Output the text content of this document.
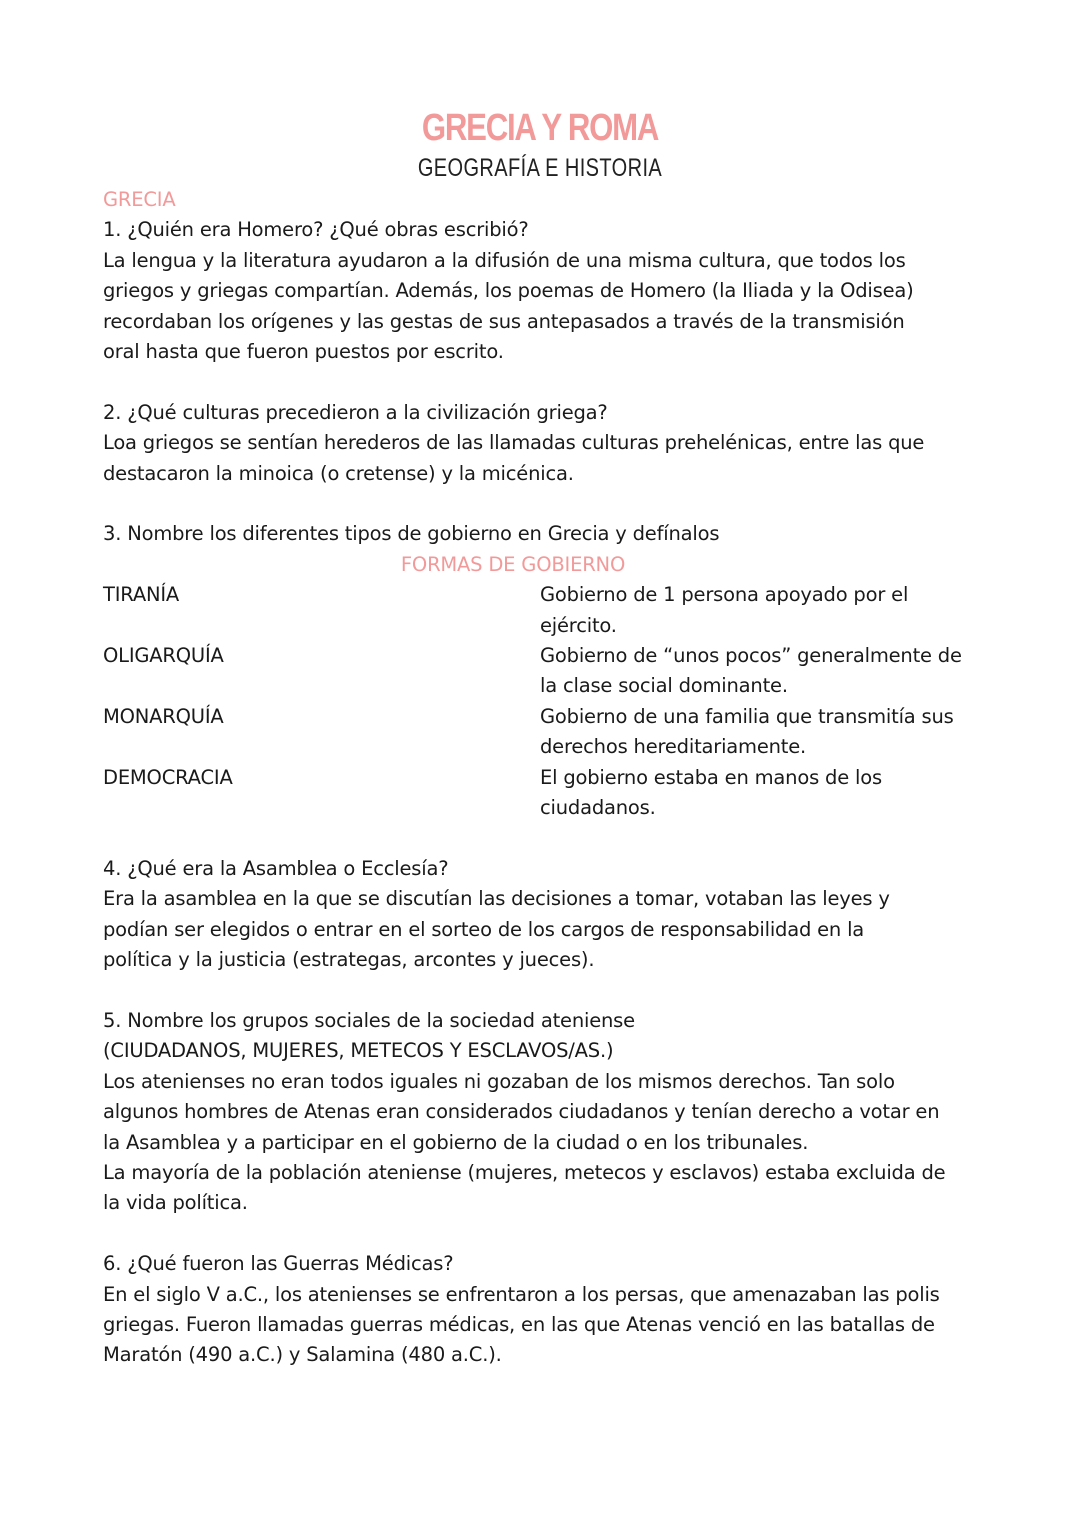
GRECIA Y ROMA
GEOGRAFÍA E HISTORIA
GRECIA
1. ¿Quién era Homero? ¿Qué obras escribió?
La lengua y la literatura ayudaron a la difusión de una misma cultura, que todos los
griegos y griegas compartían. Además, los poemas de Homero (la Iliada y la Odisea)
recordaban los orígenes y las gestas de sus antepasados a través de la transmisión
oral hasta que fueron puestos por escrito.
2. ¿Qué culturas precedieron a la civilización griega?
Loa griegos se sentían herederos de las llamadas culturas prehelénicas, entre las que
destacaron la minoica (o cretense) y la micénica.
3. Nombre los diferentes tipos de gobierno en Grecia y defínalos
FORMAS DE GOBIERNO
TIRANÍA	Gobierno de 1 persona apoyado por el
ejército.
OLIGARQUÍA	Gobierno de “unos pocos” generalmente de
la clase social dominante.
MONARQUÍA	Gobierno de una familia que transmitía sus
derechos hereditariamente.
DEMOCRACIA	El gobierno estaba en manos de los
ciudadanos.
4. ¿Qué era la Asamblea o Ecclesía?
Era la asamblea en la que se discutían las decisiones a tomar, votaban las leyes y
podían ser elegidos o entrar en el sorteo de los cargos de responsabilidad en la
política y la justicia (estrategas, arcontes y jueces).
5. Nombre los grupos sociales de la sociedad ateniense
(CIUDADANOS, MUJERES, METECOS Y ESCLAVOS/AS.)
Los atenienses no eran todos iguales ni gozaban de los mismos derechos. Tan solo
algunos hombres de Atenas eran considerados ciudadanos y tenían derecho a votar en
la Asamblea y a participar en el gobierno de la ciudad o en los tribunales.
La mayoría de la población ateniense (mujeres, metecos y esclavos) estaba excluida de
la vida política.
6. ¿Qué fueron las Guerras Médicas?
En el siglo V a.C., los atenienses se enfrentaron a los persas, que amenazaban las polis
griegas. Fueron llamadas guerras médicas, en las que Atenas venció en las batallas de
Maratón (490 a.C.) y Salamina (480 a.C.).
